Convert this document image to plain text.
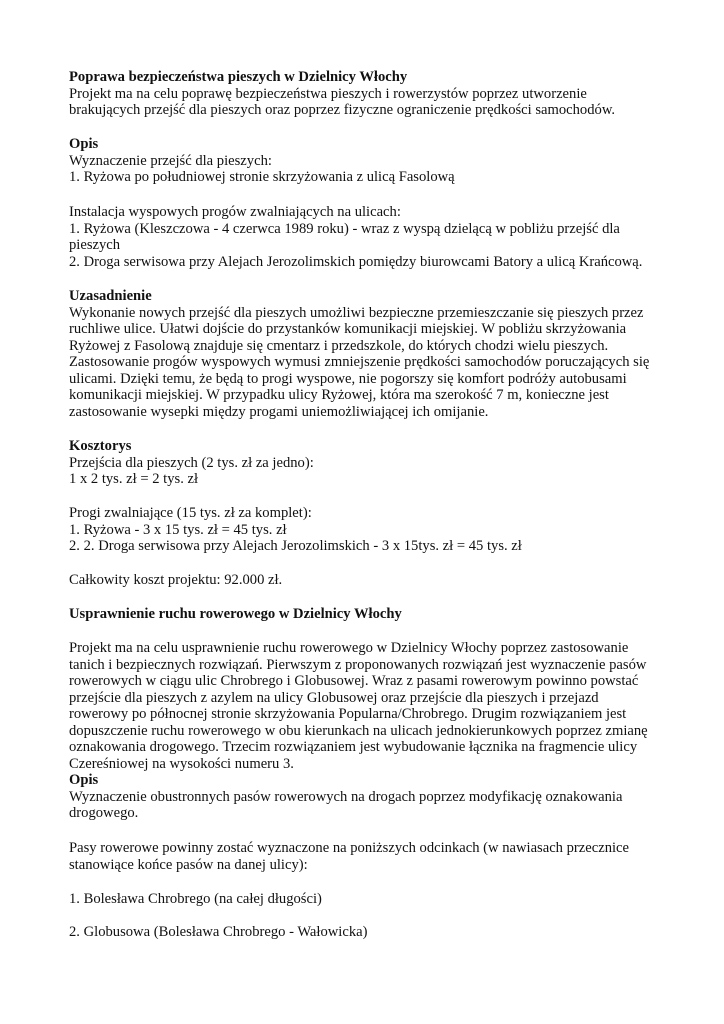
Poprawa bezpieczeństwa pieszych w Dzielnicy Włochy
Projekt ma na celu poprawę bezpieczeństwa pieszych i rowerzystów poprzez utworzenie
brakujących przejść dla pieszych oraz poprzez fizyczne ograniczenie prędkości samochodów.
Opis
Wyznaczenie przejść dla pieszych:
1. Ryżowa po południowej stronie skrzyżowania z ulicą Fasolową
Instalacja wyspowych progów zwalniających na ulicach:
1. Ryżowa (Kleszczowa - 4 czerwca 1989 roku) - wraz z wyspą dzielącą w pobliżu przejść dla
pieszych
2. Droga serwisowa przy Alejach Jerozolimskich pomiędzy biurowcami Batory a ulicą Krańcową.
Uzasadnienie
Wykonanie nowych przejść dla pieszych umożliwi bezpieczne przemieszczanie się pieszych przez
ruchliwe ulice. Ułatwi dojście do przystanków komunikacji miejskiej. W pobliżu skrzyżowania
Ryżowej z Fasolową znajduje się cmentarz i przedszkole, do których chodzi wielu pieszych.
Zastosowanie progów wyspowych wymusi zmniejszenie prędkości samochodów poruczających się
ulicami. Dzięki temu, że będą to progi wyspowe, nie pogorszy się komfort podróży autobusami
komunikacji miejskiej. W przypadku ulicy Ryżowej, która ma szerokość 7 m, konieczne jest
zastosowanie wysepki między progami uniemożliwiającej ich omijanie.
Kosztorys
Przejścia dla pieszych (2 tys. zł za jedno):
1 x 2 tys. zł = 2 tys. zł
Progi zwalniające (15 tys. zł za komplet):
1. Ryżowa - 3 x 15 tys. zł = 45 tys. zł
2. 2. Droga serwisowa przy Alejach Jerozolimskich - 3 x 15tys. zł = 45 tys. zł
Całkowity koszt projektu: 92.000 zł.
Usprawnienie ruchu rowerowego w Dzielnicy Włochy
Projekt ma na celu usprawnienie ruchu rowerowego w Dzielnicy Włochy poprzez zastosowanie
tanich i bezpiecznych rozwiązań. Pierwszym z proponowanych rozwiązań jest wyznaczenie pasów
rowerowych w ciągu ulic Chrobrego i Globusowej. Wraz z pasami rowerowym powinno powstać
przejście dla pieszych z azylem na ulicy Globusowej oraz przejście dla pieszych i przejazd
rowerowy po północnej stronie skrzyżowania Popularna/Chrobrego. Drugim rozwiązaniem jest
dopuszczenie ruchu rowerowego w obu kierunkach na ulicach jednokierunkowych poprzez zmianę
oznakowania drogowego. Trzecim rozwiązaniem jest wybudowanie łącznika na fragmencie ulicy
Czereśniowej na wysokości numeru 3.
Opis
Wyznaczenie obustronnych pasów rowerowych na drogach poprzez modyfikację oznakowania
drogowego.
Pasy rowerowe powinny zostać wyznaczone na poniższych odcinkach (w nawiasach przecznice
stanowiące końce pasów na danej ulicy):
1. Bolesława Chrobrego (na całej długości)
2. Globusowa (Bolesława Chrobrego - Wałowicka)
